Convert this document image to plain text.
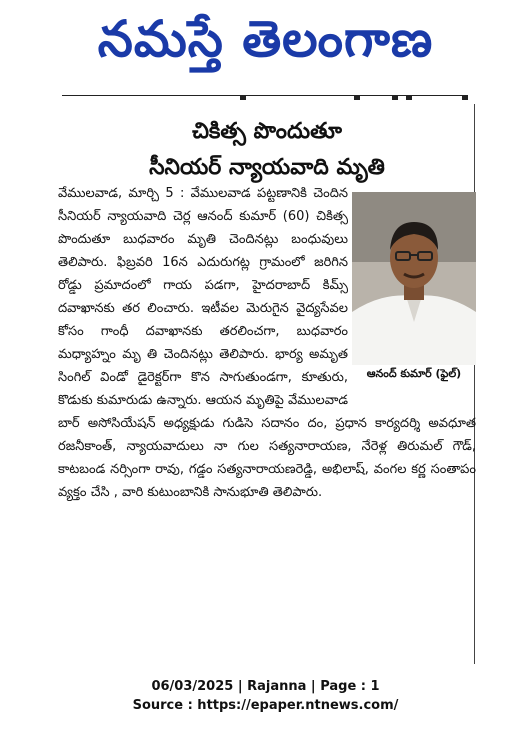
నమస్తే తెలంగాణ
చికిత్స పొందుతూ
సీనియర్ న్యాయవాది మృతి

వేములవాడ, మార్చి 5 : వేములవాడ పట్టణానికి చెందిన సీనియర్ న్యాయవాది చెర్ల ఆనంద్ కుమార్ (60) చికిత్స పొందుతూ బుధవారం మృతి చెందినట్లు బంధువులు తెలిపారు. ఫిబ్రవరి 16న ఎదురుగట్ల గ్రామంలో జరిగిన రోడ్డు ప్రమాదంలో గాయ పడగా, హైదరాబాద్ కిమ్స్ దవాఖానకు తర లించారు. ఇటీవల మెరుగైన వైద్యసేవల కోసం గాంధీ దవాఖానకు తరలించగా, బుధవారం మధ్యాహ్నం మృ తి చెందినట్లు తెలిపారు. భార్య అమృత సింగిల్ విండో డైరెక్టర్‌గా కొన సాగుతుండగా, కూతురు, కొడుకు కుమారుడు ఉన్నారు. ఆయన మృతిపై వేములవాడ బార్ అసోసియేషన్ అధ్యక్షుడు గుడిసె సదానం దం, ప్రధాన కార్యదర్శి అవధూత రజనీకాంత్, న్యాయవాదులు నా గుల సత్యనారాయణ, నేరెళ్ల తిరుమల్ గౌడ్, కాటబండ నర్సింగా రావు, గడ్డం సత్యనారాయణరెడ్డి, అభిలాష్, వంగల కర్ణ సంతాపం వ్యక్తం చేసి , వారి కుటుంబానికి సానుభూతి తెలిపారు.

ఆనంద్ కుమార్ (ఫైల్)

06/03/2025 | Rajanna | Page : 1
Source : https://epaper.ntnews.com/
